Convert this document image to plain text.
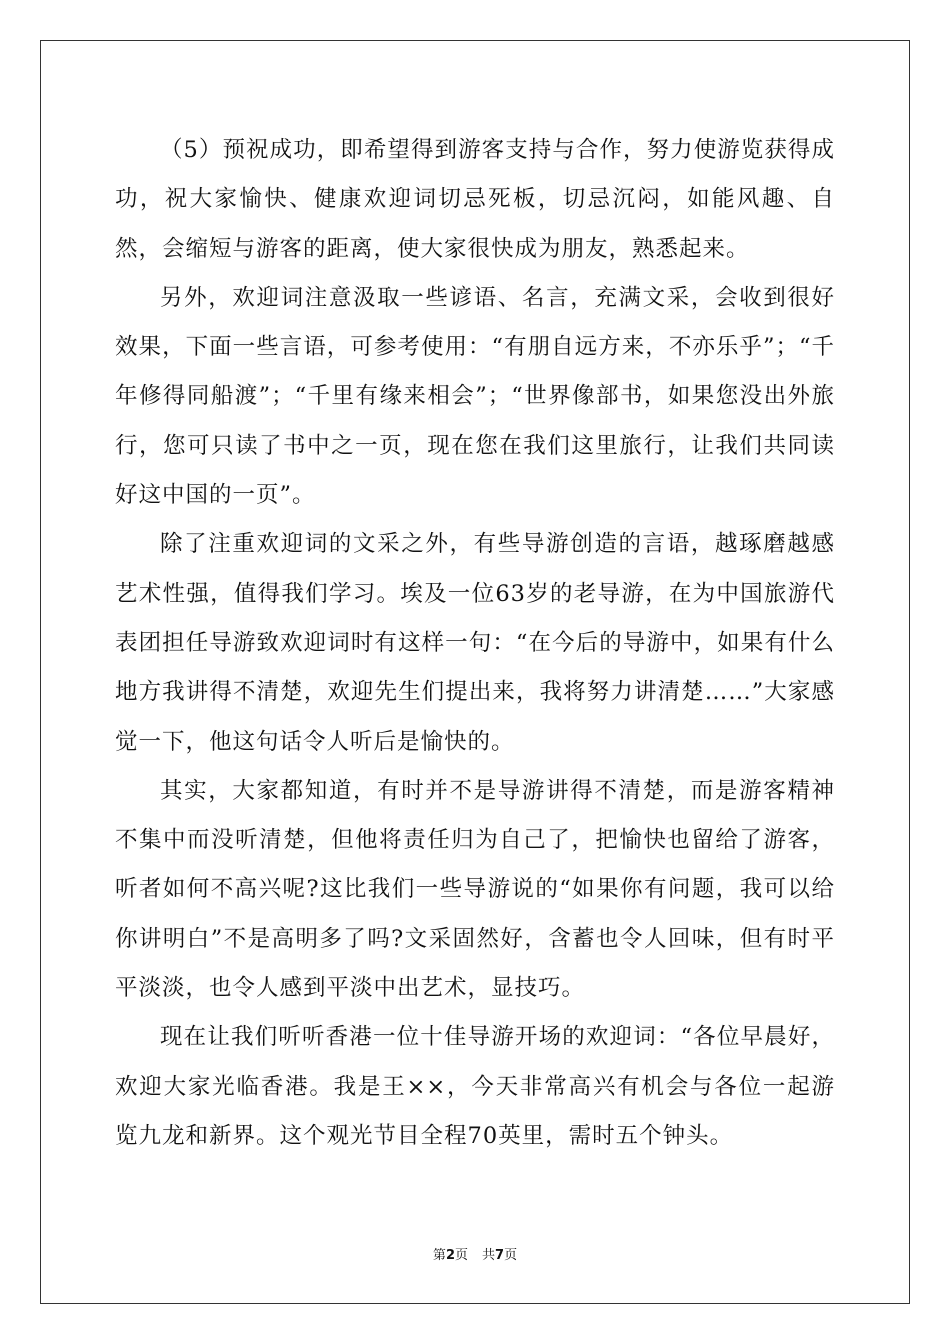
（5）预祝成功，即希望得到游客支持与合作，努力使游览获得成功，祝大家愉快、健康欢迎词切忌死板，切忌沉闷，如能风趣、自然，会缩短与游客的距离，使大家很快成为朋友，熟悉起来。

另外，欢迎词注意汲取一些谚语、名言，充满文采，会收到很好效果，下面一些言语，可参考使用：“有朋自远方来，不亦乐乎”；“千年修得同船渡”；“千里有缘来相会”；“世界像部书，如果您没出外旅行，您可只读了书中之一页，现在您在我们这里旅行，让我们共同读好这中国的一页”。

除了注重欢迎词的文采之外，有些导游创造的言语，越琢磨越感艺术性强，值得我们学习。埃及一位63岁的老导游，在为中国旅游代表团担任导游致欢迎词时有这样一句：“在今后的导游中，如果有什么地方我讲得不清楚，欢迎先生们提出来，我将努力讲清楚……”大家感觉一下，他这句话令人听后是愉快的。

其实，大家都知道，有时并不是导游讲得不清楚，而是游客精神不集中而没听清楚，但他将责任归为自己了，把愉快也留给了游客，听者如何不高兴呢?这比我们一些导游说的“如果你有问题，我可以给你讲明白”不是高明多了吗?文采固然好，含蓄也令人回味，但有时平平淡淡，也令人感到平淡中出艺术，显技巧。

现在让我们听听香港一位十佳导游开场的欢迎词：“各位早晨好，欢迎大家光临香港。我是王××，今天非常高兴有机会与各位一起游览九龙和新界。这个观光节目全程70英里，需时五个钟头。

第2页 共7页
